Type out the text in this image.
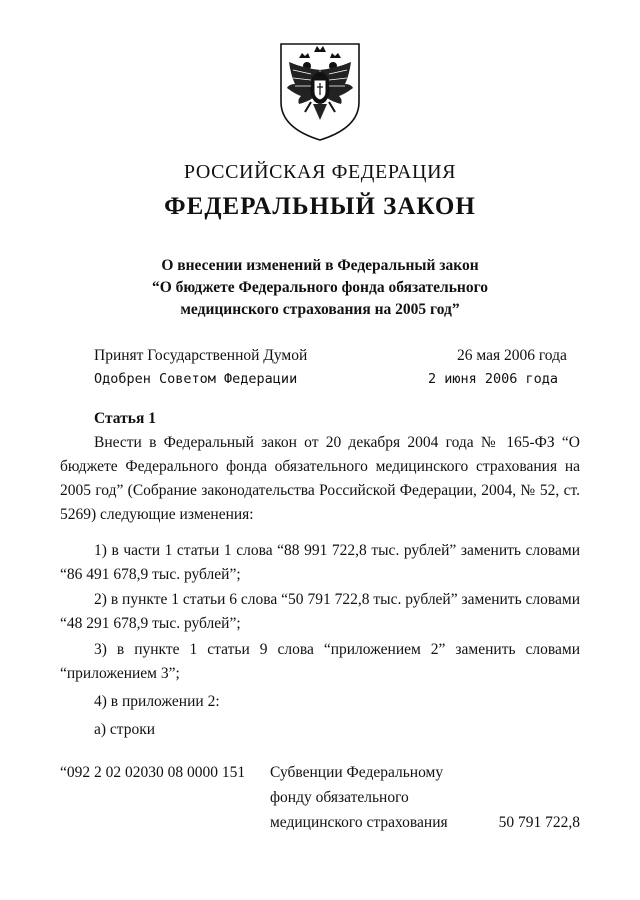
РОССИЙСКАЯ ФЕДЕРАЦИЯ
ФЕДЕРАЛЬНЫЙ ЗАКОН
О внесении изменений в Федеральный закон
“О бюджете Федерального фонда обязательного
медицинского страхования на 2005 год”
Принят Государственной Думой	26 мая 2006 года
Одобрен Советом Федерации	2 июня 2006 года
Статья 1
Внести в Федеральный закон от 20 декабря 2004 года № 165-ФЗ “О бюджете Федерального фонда обязательного медицинского страхования на 2005 год” (Собрание законодательства Российской Федерации, 2004, № 52, ст. 5269) следующие изменения:
1) в части 1 статьи 1 слова “88 991 722,8 тыс. рублей” заменить словами “86 491 678,9 тыс. рублей”;
2) в пункте 1 статьи 6 слова “50 791 722,8 тыс. рублей” заменить словами “48 291 678,9 тыс. рублей”;
3) в пункте 1 статьи 9 слова “приложением 2” заменить словами “приложением 3”;
4) в приложении 2:
а) строки
“092 2 02 02030 08 0000 151 Субвенции Федеральному
фонду обязательного
медицинского страхования	50 791 722,8
